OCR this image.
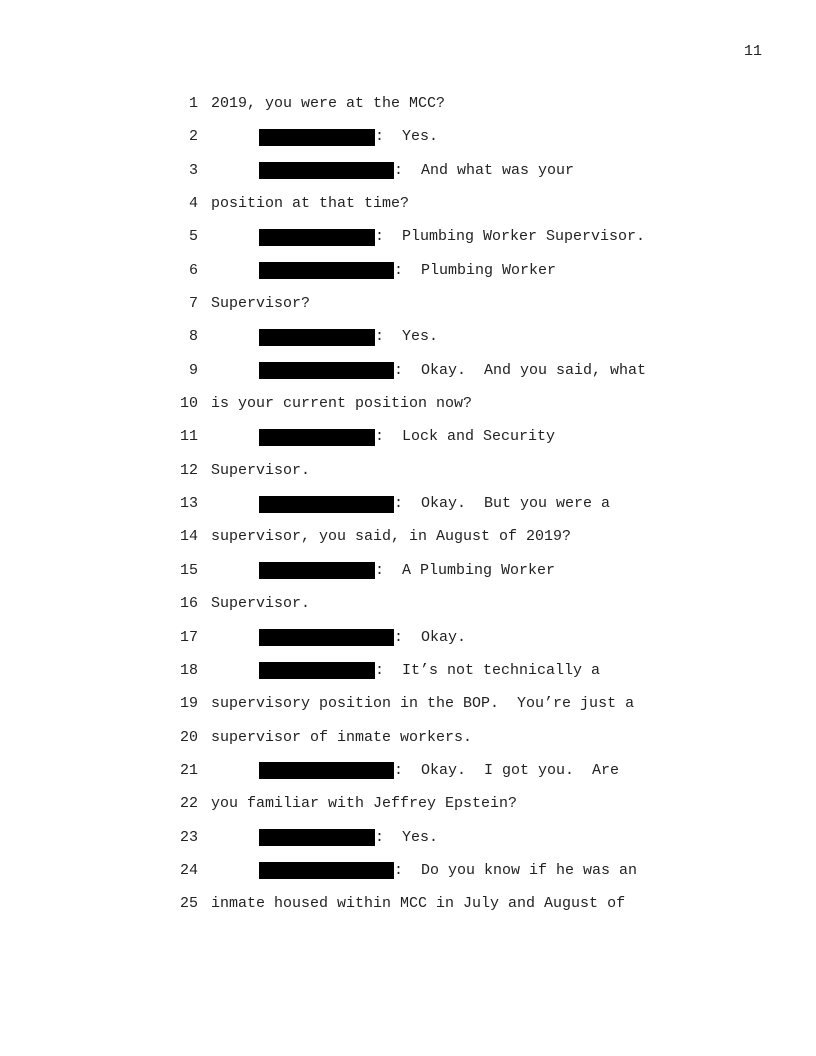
11
1 2019, you were at the MCC?
2	:  Yes.
3	:  And what was your
4 position at that time?
5	:  Plumbing Worker Supervisor.
6	:  Plumbing Worker
7 Supervisor?
8	:  Yes.
9	:  Okay.  And you said, what
10 is your current position now?
11	:  Lock and Security
12 Supervisor.
13	:  Okay.  But you were a
14 supervisor, you said, in August of 2019?
15	:  A Plumbing Worker
16 Supervisor.
17	:  Okay.
18	:  It’s not technically a
19 supervisory position in the BOP.  You’re just a
20 supervisor of inmate workers.
21	:  Okay.  I got you.  Are
22 you familiar with Jeffrey Epstein?
23	:  Yes.
24	:  Do you know if he was an
25 inmate housed within MCC in July and August of
